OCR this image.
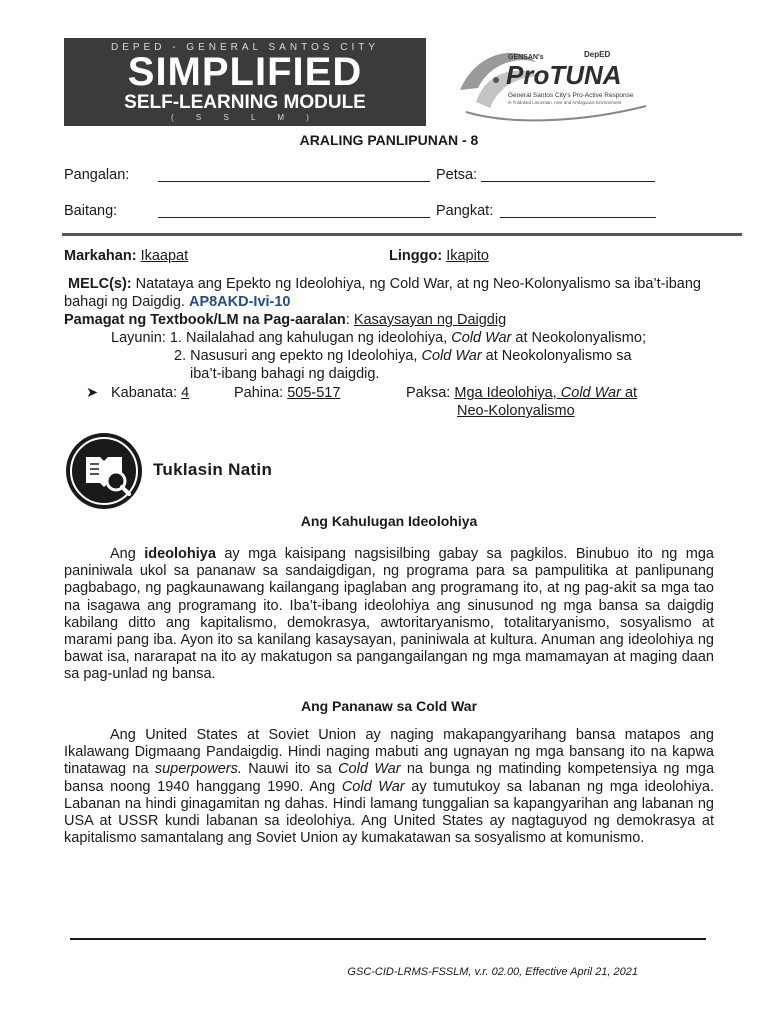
DEPED - GENERAL SANTOS CITY
SIMPLIFIED
SELF-LEARNING MODULE
( S S L M )
GENSAN's	DepED
ProTUNA
General Santos City's Pro-Active Response
in Tuldoked Lincertian, Hee and Ambiguous Environment
ARALING PANLIPUNAN - 8
Pangalan:	Petsa:
Baitang:	Pangkat:
Markahan: Ikaapat	Linggo: Ikapito
MELC(s): Natataya ang Epekto ng Ideolohiya, ng Cold War, at ng Neo-Kolonyalismo sa iba’t-ibang bahagi ng Daigdig. AP8AKD-Ivi-10
Pamagat ng Textbook/LM na Pag-aaralan: Kasaysayan ng Daigdig
Layunin: 1. Nailalahad ang kahulugan ng ideolohiya, Cold War at Neokolonyalismo;
2. Nasusuri ang epekto ng Ideolohiya, Cold War at Neokolonyalismo sa
iba’t-ibang bahagi ng daigdig.
➤ Kabanata: 4	Pahina: 505-517	Paksa: Mga Ideolohiya, Cold War at
Neo-Kolonyalismo
Tuklasin Natin
Ang Kahulugan Ideolohiya
Ang ideolohiya ay mga kaisipang nagsisilbing gabay sa pagkilos. Binubuo ito ng mga paniniwala ukol sa pananaw sa sandaigdigan, ng programa para sa pampulitika at panlipunang pagbabago, ng pagkaunawang kailangang ipaglaban ang programang ito, at ng pag-akit sa mga tao na isagawa ang programang ito. Iba’t-ibang ideolohiya ang sinusunod ng mga bansa sa daigdig kabilang ditto ang kapitalismo, demokrasya, awtoritaryanismo, totalitaryanismo, sosyalismo at marami pang iba. Ayon ito sa kanilang kasaysayan, paniniwala at kultura. Anuman ang ideolohiya ng bawat isa, nararapat na ito ay makatugon sa pangangailangan ng mga mamamayan at maging daan sa pag-unlad ng bansa.
Ang Pananaw sa Cold War
Ang United States at Soviet Union ay naging makapangyarihang bansa matapos ang Ikalawang Digmaang Pandaigdig. Hindi naging mabuti ang ugnayan ng mga bansang ito na kapwa tinatawag na superpowers. Nauwi ito sa Cold War na bunga ng matinding kompetensiya ng mga bansa noong 1940 hanggang 1990. Ang Cold War ay tumutukoy sa labanan ng mga ideolohiya. Labanan na hindi ginagamitan ng dahas. Hindi lamang tunggalian sa kapangyarihan ang labanan ng USA at USSR kundi labanan sa ideolohiya. Ang United States ay nagtaguyod ng demokrasya at kapitalismo samantalang ang Soviet Union ay kumakatawan sa sosyalismo at komunismo.
GSC-CID-LRMS-FSSLM, v.r. 02.00, Effective April 21, 2021
